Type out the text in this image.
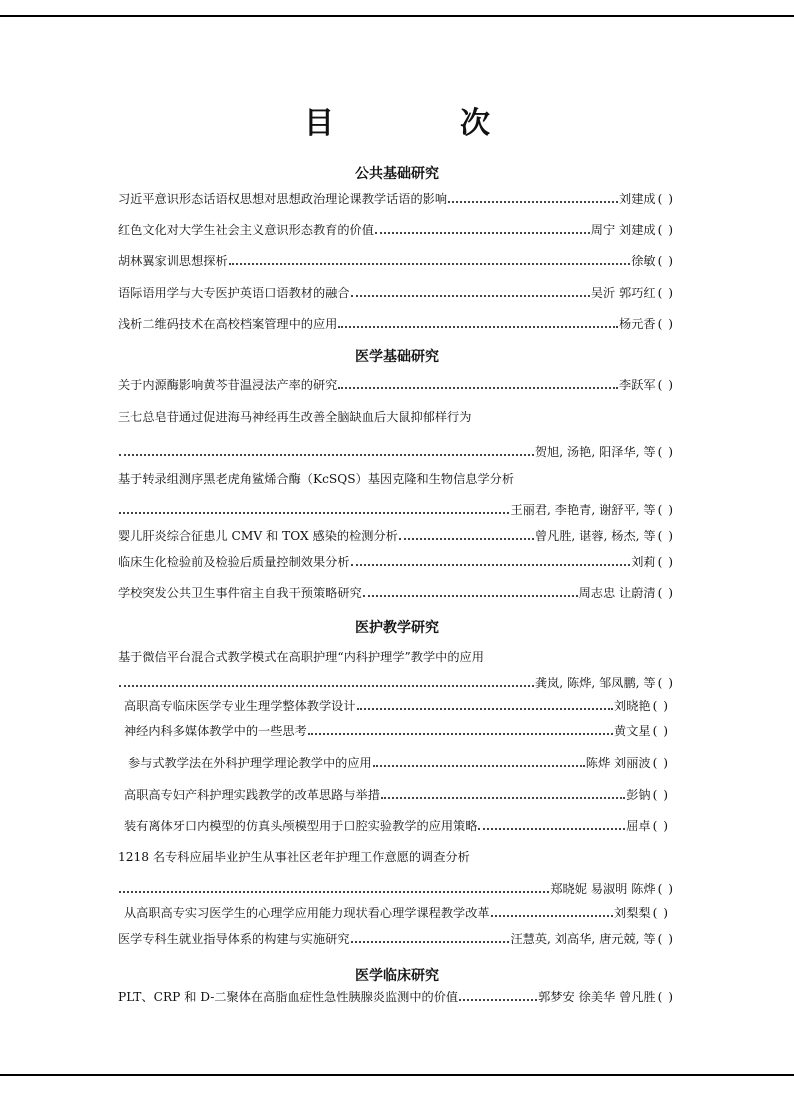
目　次
公共基础研究
习近平意识形态话语权思想对思想政治理论课教学话语的影响	刘建成 ( )
红色文化对大学生社会主义意识形态教育的价值	周宁 刘建成 ( )
胡林翼家训思想探析	徐敏 ( )
语际语用学与大专医护英语口语教材的融合	吴沂 郭巧红 ( )
浅析二维码技术在高校档案管理中的应用	杨元香 ( )
医学基础研究
关于内源酶影响黄芩苷温浸法产率的研究	李跃军 ( )
三七总皂苷通过促进海马神经再生改善全脑缺血后大鼠抑郁样行为
贺旭, 汤艳, 阳泽华, 等 ( )
基于转录组测序黑老虎角鲨烯合酶（KcSQS）基因克隆和生物信息学分析
王丽君, 李艳青, 谢舒平, 等 ( )
婴儿肝炎综合征患儿 CMV 和 TOX 感染的检测分析	曾凡胜, 谌蓉, 杨杰, 等 ( )
临床生化检验前及检验后质量控制效果分析	刘莉 ( )
学校突发公共卫生事件宿主自我干预策略研究	周志忠 让蔚清 ( )
医护教学研究
基于微信平台混合式教学模式在高职护理“内科护理学”教学中的应用
龚岚, 陈烨, 邹凤鹏, 等 ( )
高职高专临床医学专业生理学整体教学设计	刘晓艳 ( )
神经内科多媒体教学中的一些思考	黄文星 ( )
参与式教学法在外科护理学理论教学中的应用	陈烨 刘丽波 ( )
高职高专妇产科护理实践教学的改革思路与举措	彭钠 ( )
装有离体牙口内模型的仿真头颅模型用于口腔实验教学的应用策略	屈卓 ( )
1218 名专科应届毕业护生从事社区老年护理工作意愿的调查分析
郑晓妮 易淑明 陈烨 ( )
从高职高专实习医学生的心理学应用能力现状看心理学课程教学改革	刘梨梨 ( )
医学专科生就业指导体系的构建与实施研究	汪慧英, 刘高华, 唐元兢, 等 ( )
医学临床研究
PLT、CRP 和 D-二聚体在高脂血症性急性胰腺炎监测中的价值	郭梦安 徐美华 曾凡胜 ( )
